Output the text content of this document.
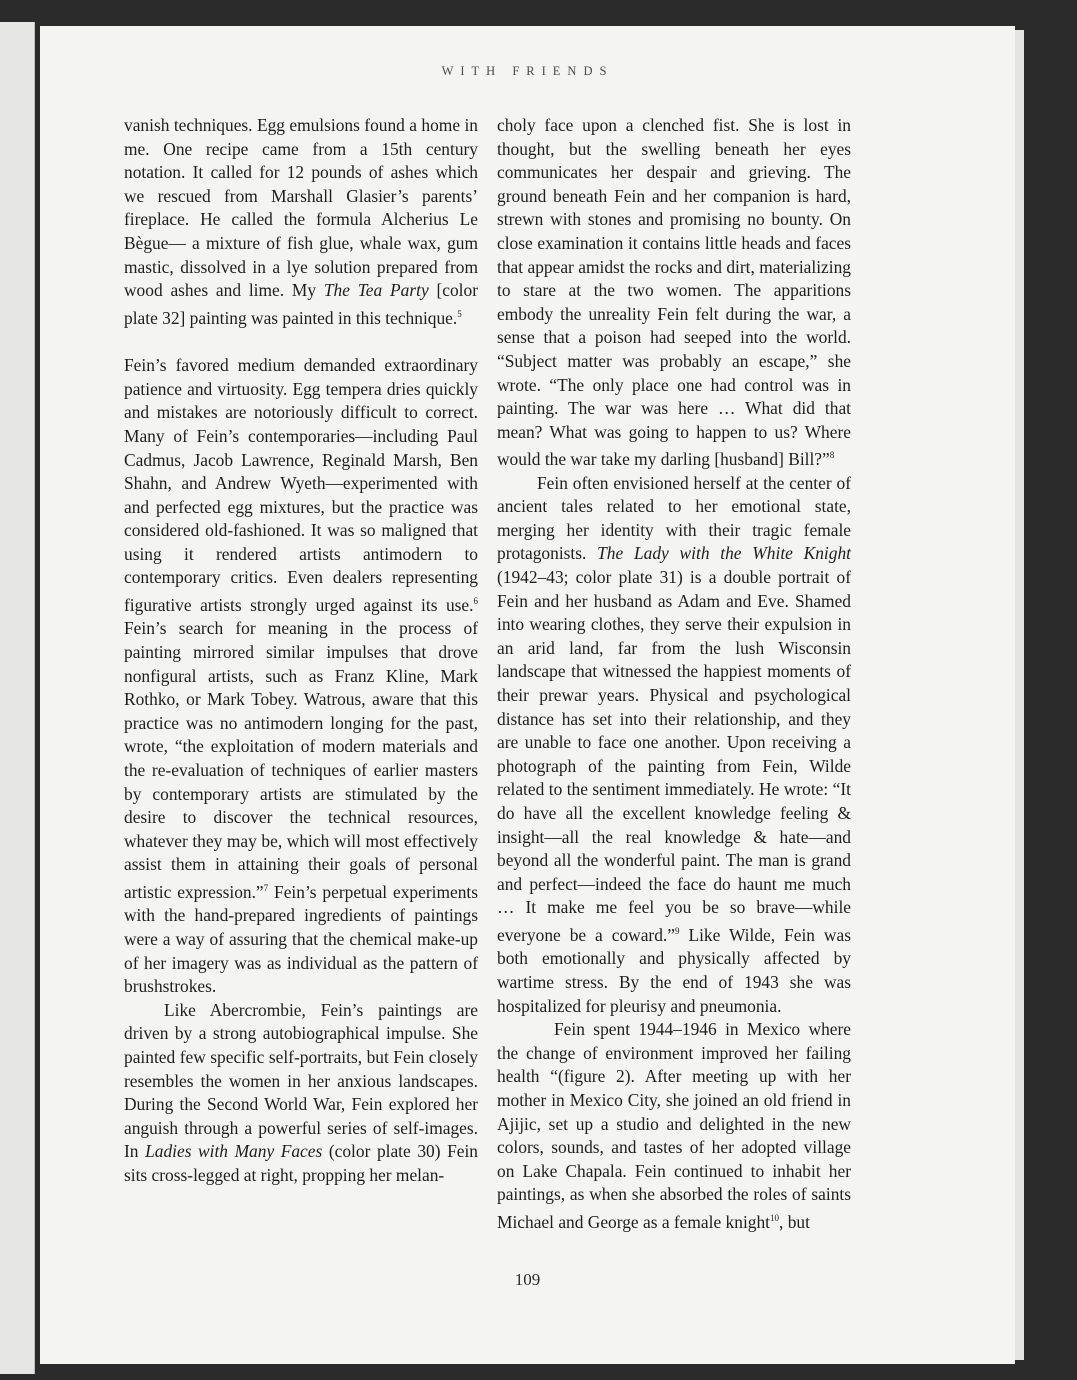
WITH FRIENDS

vanish techniques. Egg emulsions found a home in me. One recipe came from a 15th century notation. It called for 12 pounds of ashes which we rescued from Marshall Glasier’s parents’ fireplace. He called the formula Alcherius Le Bègue— a mixture of fish glue, whale wax, gum mastic, dissolved in a lye solution prepared from wood ashes and lime. My The Tea Party [color plate 32] painting was painted in this technique.$^5$

Fein’s favored medium demanded extraordinary patience and virtuosity. Egg tempera dries quickly and mistakes are notoriously difficult to correct. Many of Fein’s contemporaries—including Paul Cadmus, Jacob Lawrence, Reginald Marsh, Ben Shahn, and Andrew Wyeth—experimented with and perfected egg mixtures, but the practice was considered old-fashioned. It was so maligned that using it rendered artists antimodern to contemporary critics. Even dealers representing figurative artists strongly urged against its use.$^6$ Fein’s search for meaning in the process of painting mirrored similar impulses that drove nonfigural artists, such as Franz Kline, Mark Rothko, or Mark Tobey. Watrous, aware that this practice was no antimodern longing for the past, wrote, “the exploitation of modern materials and the re-evaluation of techniques of earlier masters by contemporary artists are stimulated by the desire to discover the technical resources, whatever they may be, which will most effectively assist them in attaining their goals of personal artistic expression.”$^7$ Fein’s perpetual experiments with the hand-prepared ingredients of paintings were a way of assuring that the chemical make-up of her imagery was as individual as the pattern of brushstrokes.

Like Abercrombie, Fein’s paintings are driven by a strong autobiographical impulse. She painted few specific self-portraits, but Fein closely resembles the women in her anxious landscapes. During the Second World War, Fein explored her anguish through a powerful series of self-images. In Ladies with Many Faces (color plate 30) Fein sits cross-legged at right, propping her melan-

choly face upon a clenched fist. She is lost in thought, but the swelling beneath her eyes communicates her despair and grieving. The ground beneath Fein and her companion is hard, strewn with stones and promising no bounty. On close examination it contains little heads and faces that appear amidst the rocks and dirt, materializing to stare at the two women. The apparitions embody the unreality Fein felt during the war, a sense that a poison had seeped into the world. “Subject matter was probably an escape,” she wrote. “The only place one had control was in painting. The war was here … What did that mean? What was going to happen to us? Where would the war take my darling [husband] Bill?”$^8$

Fein often envisioned herself at the center of ancient tales related to her emotional state, merging her identity with their tragic female protagonists. The Lady with the White Knight (1942–43; color plate 31) is a double portrait of Fein and her husband as Adam and Eve. Shamed into wearing clothes, they serve their expulsion in an arid land, far from the lush Wisconsin landscape that witnessed the happiest moments of their prewar years. Physical and psychological distance has set into their relationship, and they are unable to face one another. Upon receiving a photograph of the painting from Fein, Wilde related to the sentiment immediately. He wrote: “It do have all the excellent knowledge feeling & insight—all the real knowledge & hate—and beyond all the wonderful paint. The man is grand and perfect—indeed the face do haunt me much … It make me feel you be so brave—while everyone be a coward.”$^9$ Like Wilde, Fein was both emotionally and physically affected by wartime stress. By the end of 1943 she was hospitalized for pleurisy and pneumonia.

Fein spent 1944–1946 in Mexico where the change of environment improved her failing health “(figure 2). After meeting up with her mother in Mexico City, she joined an old friend in Ajijic, set up a studio and delighted in the new colors, sounds, and tastes of her adopted village on Lake Chapala. Fein continued to inhabit her paintings, as when she absorbed the roles of saints Michael and George as a female knight$^{10}$, but

109
